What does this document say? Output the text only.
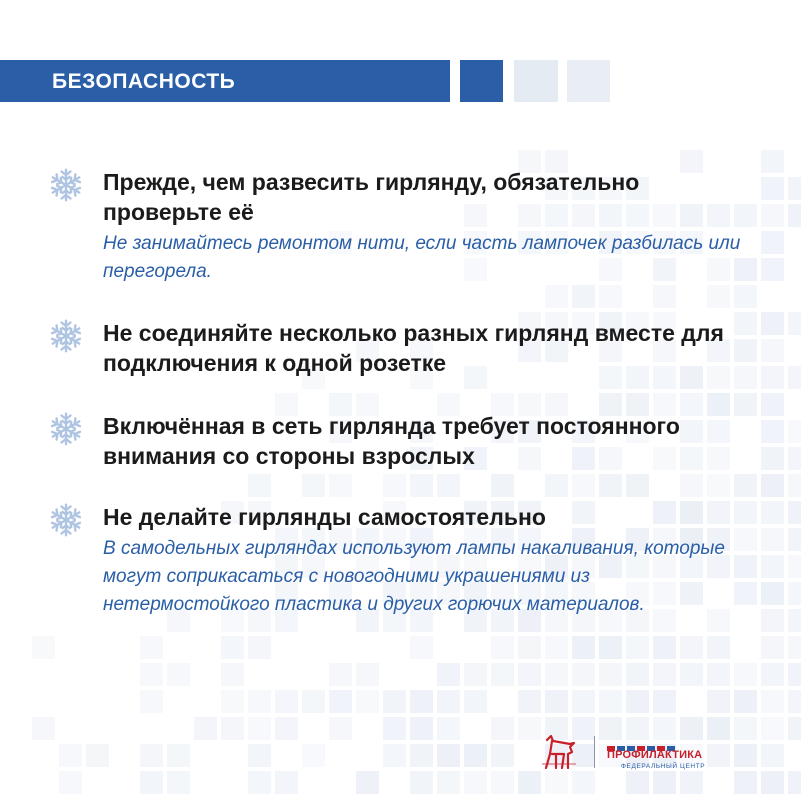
БЕЗОПАСНОСТЬ
Прежде, чем развесить гирлянду, обязательно проверьте её
Не занимайтесь ремонтом нити, если часть лампочек разбилась или перегорела.
Не соединяйте несколько разных гирлянд вместе для подключения к одной розетке
Включённая в сеть гирлянда требует постоянного внимания со стороны взрослых
Не делайте гирлянды самостоятельно
В самодельных гирляндах используют лампы накаливания, которые могут соприкасаться с новогодними украшениями из нетермостойкого пластика и других горючих материалов.
ПРОФИЛАКТИКА
ФЕДЕРАЛЬНЫЙ ЦЕНТР
